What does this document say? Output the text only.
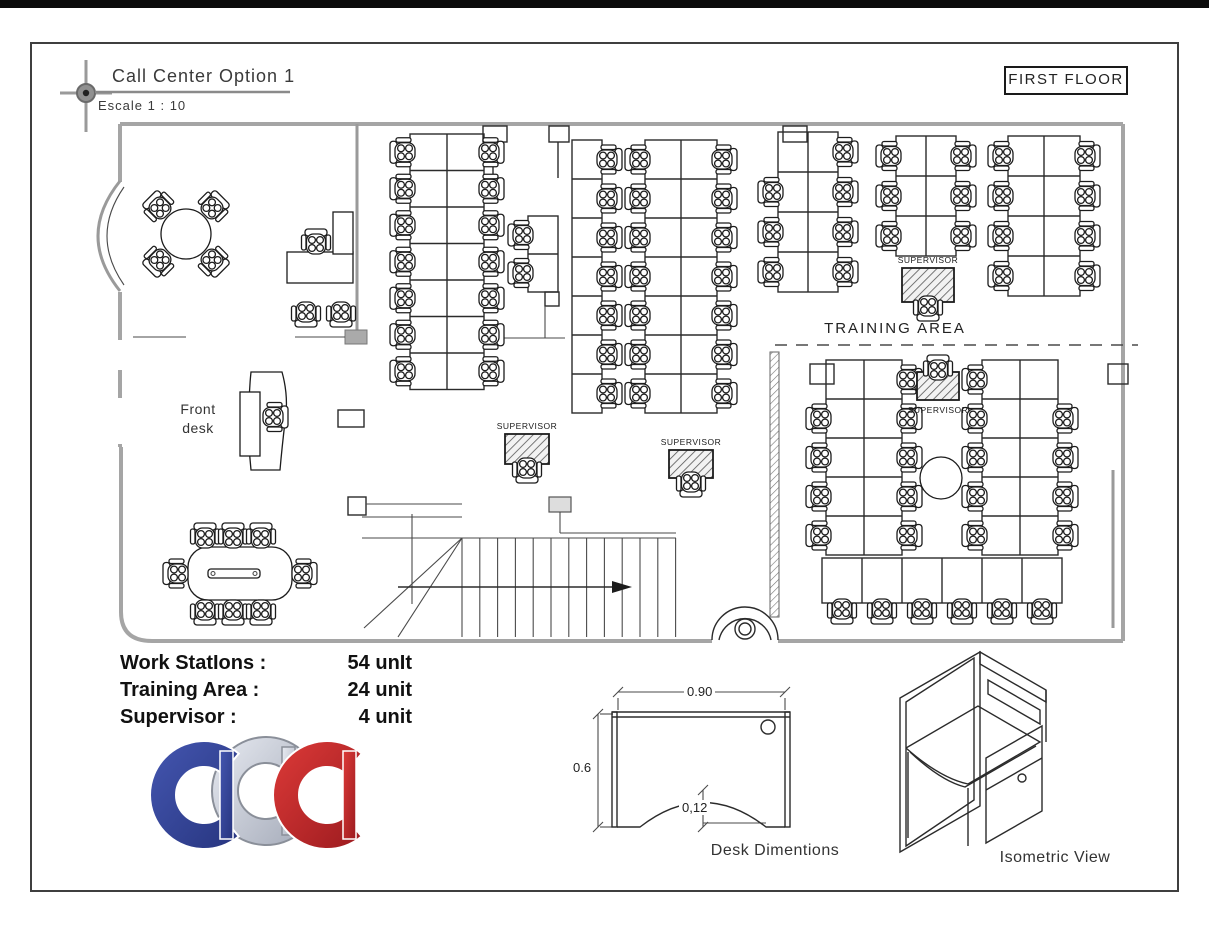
SUPERVISOR
SUPERVISOR
SUPERVISOR
SUPERVISOR
Call Center Option 1
Escale 1 : 10
FIRST FLOOR
Front desk
TRAINING AREA
Work StatIons :	54 unIt
Training Area :	24 unit
Supervisor :	4 unit
0.90
0.6
0,12
Desk Dimentions	Isometric View
